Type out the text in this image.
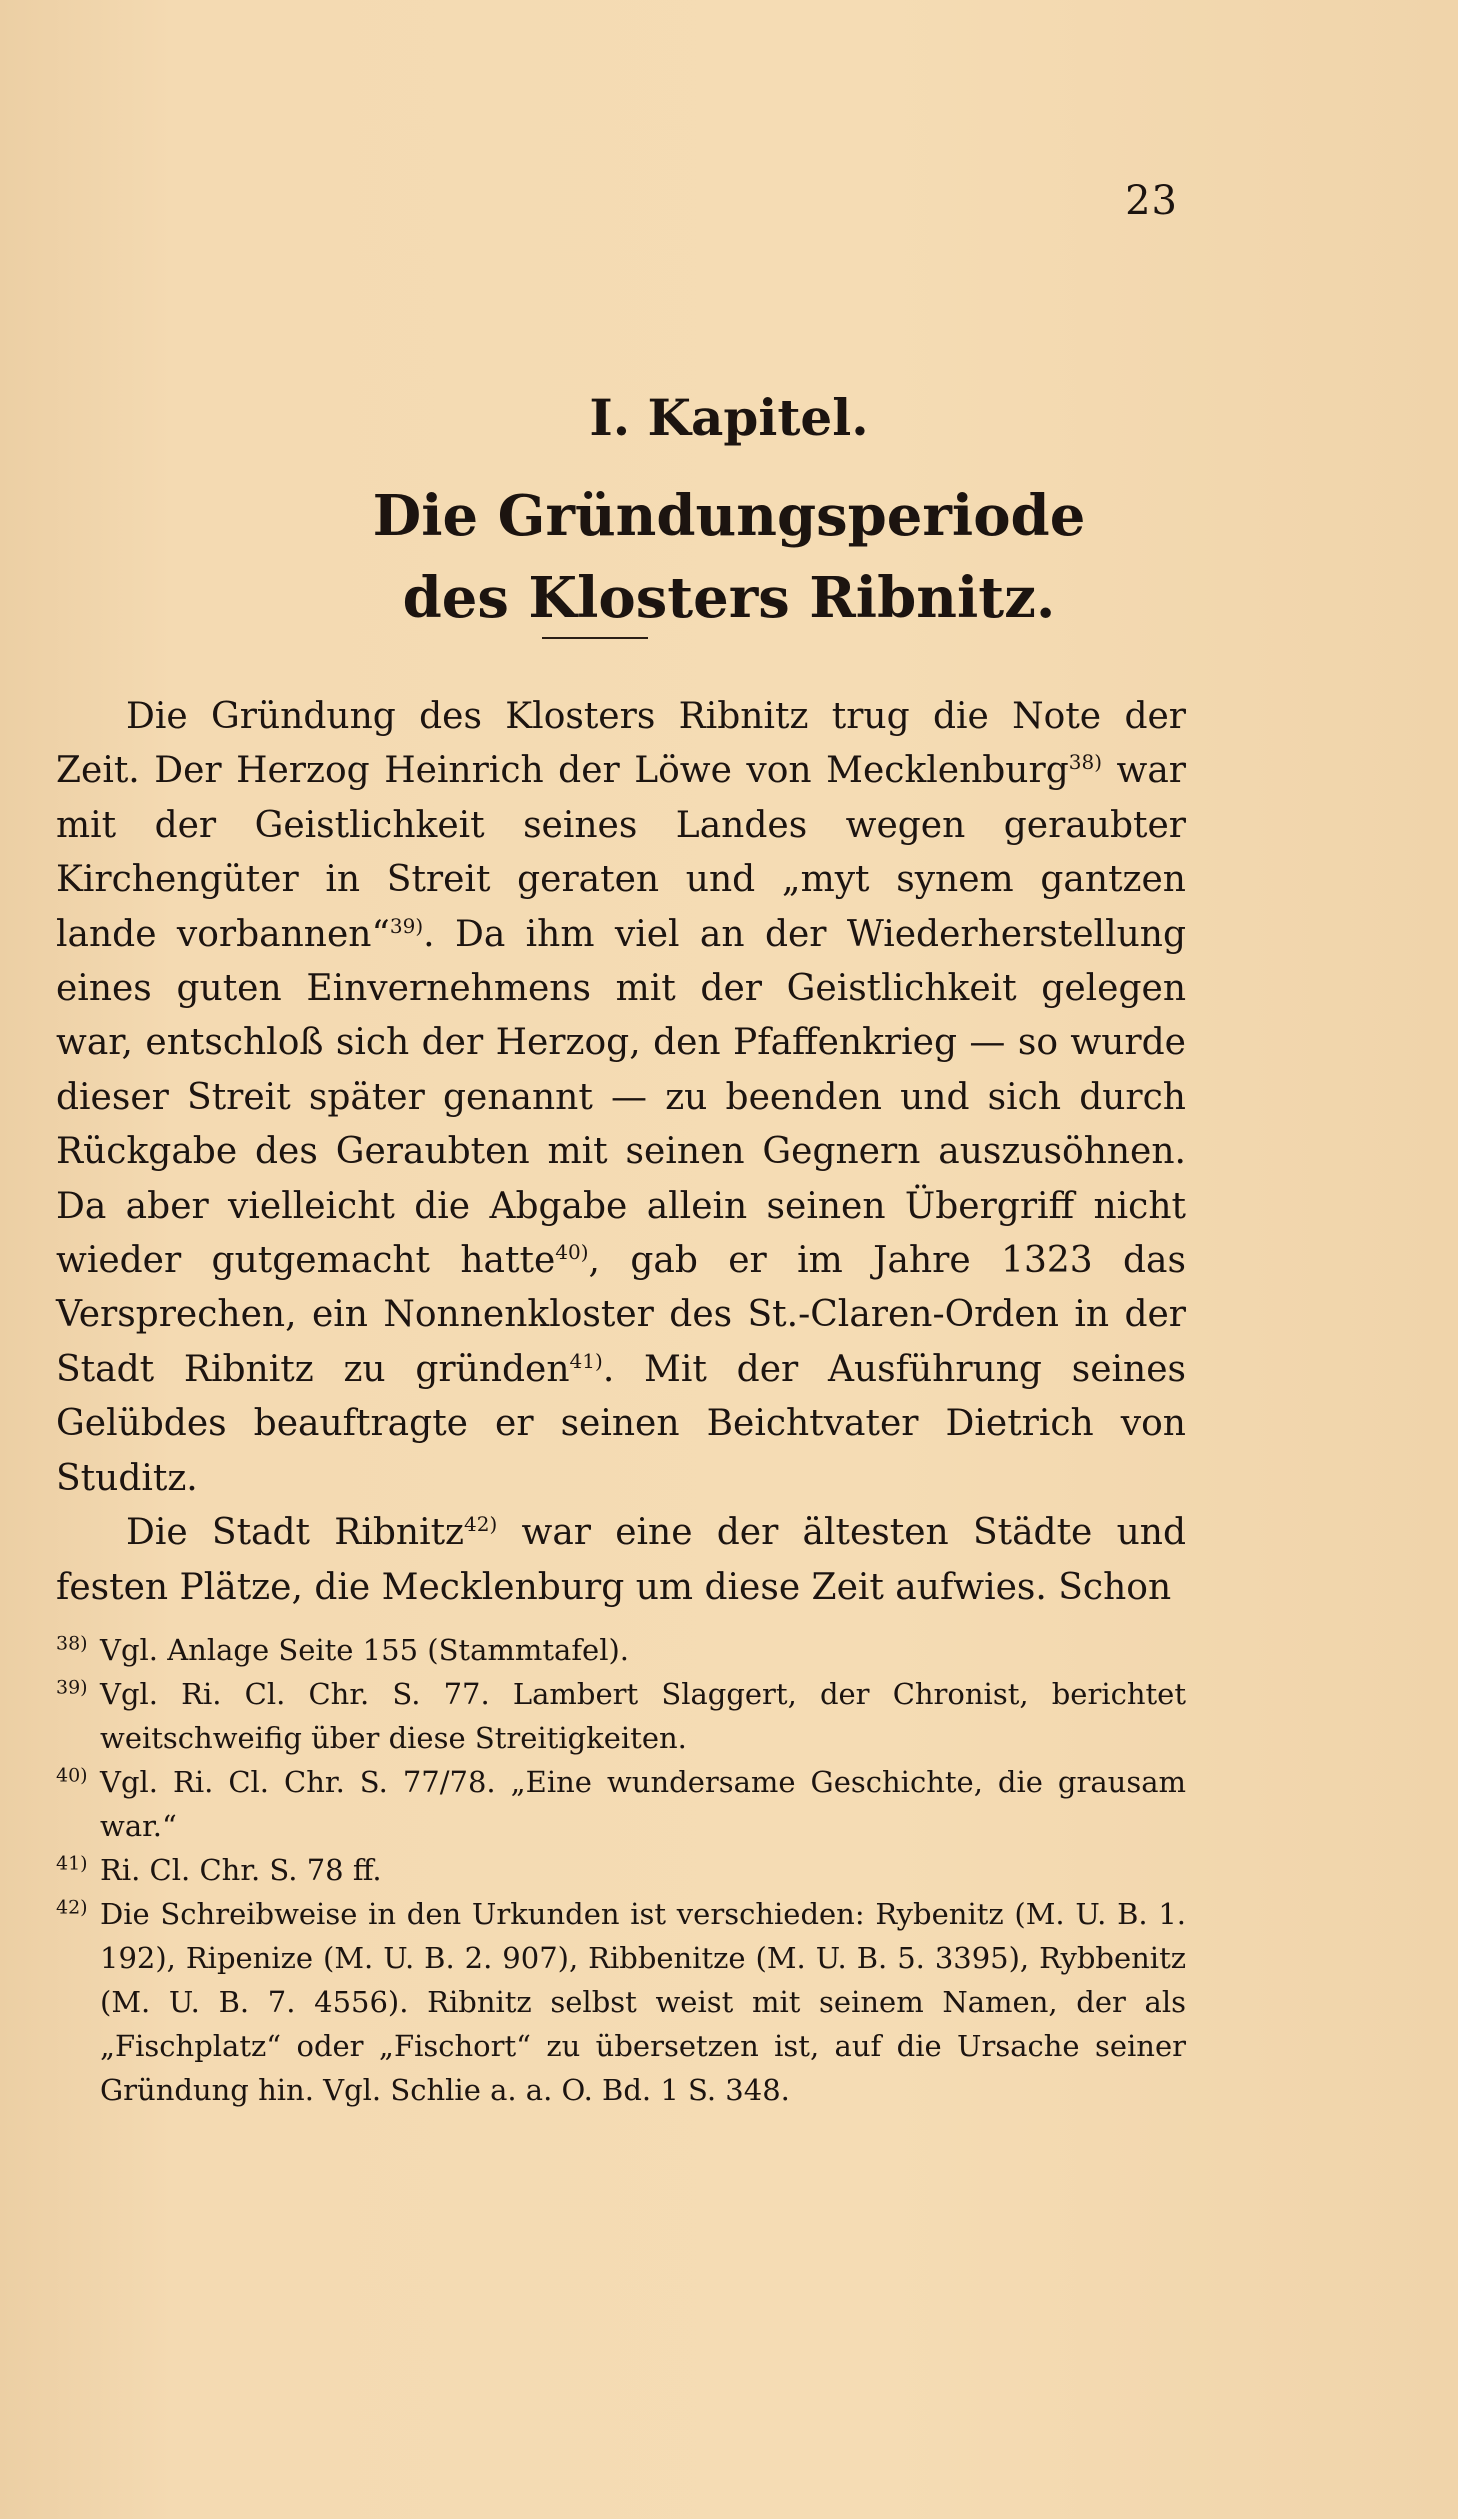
23
I. Kapitel.
Die Gründungsperiode
des Klosters Ribnitz.

Die Gründung des Klosters Ribnitz trug die Note der Zeit. Der Herzog Heinrich der Löwe von Mecklenburg$^{38)}$ war mit der Geistlichkeit seines Landes wegen geraubter Kirchengüter in Streit geraten und „myt synem gantzen lande vorbannen“$^{39)}$. Da ihm viel an der Wiederherstellung eines guten Einvernehmens mit der Geistlichkeit gelegen war, entschloß sich der Herzog, den Pfaffenkrieg — so wurde dieser Streit später genannt — zu beenden und sich durch Rückgabe des Geraubten mit seinen Gegnern auszusöhnen. Da aber vielleicht die Abgabe allein seinen Übergriff nicht wieder gutgemacht hatte$^{40)}$, gab er im Jahre 1323 das Versprechen, ein Nonnenkloster des St.-Claren-Orden in der Stadt Ribnitz zu gründen$^{41)}$. Mit der Ausführung seines Gelübdes beauftragte er seinen Beichtvater Dietrich von Studitz.

Die Stadt Ribnitz$^{42)}$ war eine der ältesten Städte und festen Plätze, die Mecklenburg um diese Zeit aufwies. Schon

$^{38)}$ Vgl. Anlage Seite 155 (Stammtafel).
$^{39)}$ Vgl. Ri. Cl. Chr. S. 77. Lambert Slaggert, der Chronist, berichtet weitschweifig über diese Streitigkeiten.
$^{40)}$ Vgl. Ri. Cl. Chr. S. 77/78. „Eine wundersame Geschichte, die grausam war.“
$^{41)}$ Ri. Cl. Chr. S. 78 ff.
$^{42)}$ Die Schreibweise in den Urkunden ist verschieden: Rybenitz (M. U. B. 1. 192), Ripenize (M. U. B. 2. 907), Ribbenitze (M. U. B. 5. 3395), Rybbenitz (M. U. B. 7. 4556). Ribnitz selbst weist mit seinem Namen, der als „Fischplatz“ oder „Fischort“ zu übersetzen ist, auf die Ursache seiner Gründung hin. Vgl. Schlie a. a. O. Bd. 1 S. 348.
